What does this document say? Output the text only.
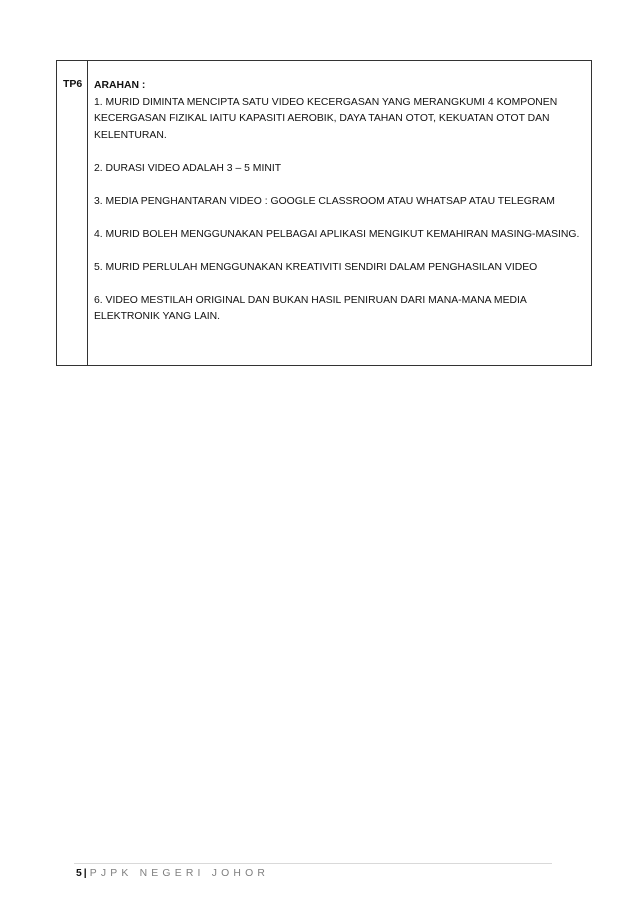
TP6	ARAHAN :

1. MURID DIMINTA MENCIPTA SATU VIDEO KECERGASAN YANG MERANGKUMI 4 KOMPONEN KECERGASAN FIZIKAL IAITU KAPASITI AEROBIK, DAYA TAHAN OTOT, KEKUATAN OTOT DAN KELENTURAN.

2. DURASI VIDEO ADALAH 3 – 5 MINIT

3. MEDIA PENGHANTARAN VIDEO : GOOGLE CLASSROOM ATAU WHATSAP ATAU TELEGRAM

4. MURID BOLEH MENGGUNAKAN PELBAGAI APLIKASI MENGIKUT KEMAHIRAN MASING-MASING.

5. MURID PERLULAH MENGGUNAKAN KREATIVITI SENDIRI DALAM PENGHASILAN VIDEO

6. VIDEO MESTILAH ORIGINAL DAN BUKAN HASIL PENIRUAN DARI MANA-MANA MEDIA ELEKTRONIK YANG LAIN.

5 | PJPK NEGERI JOHOR
